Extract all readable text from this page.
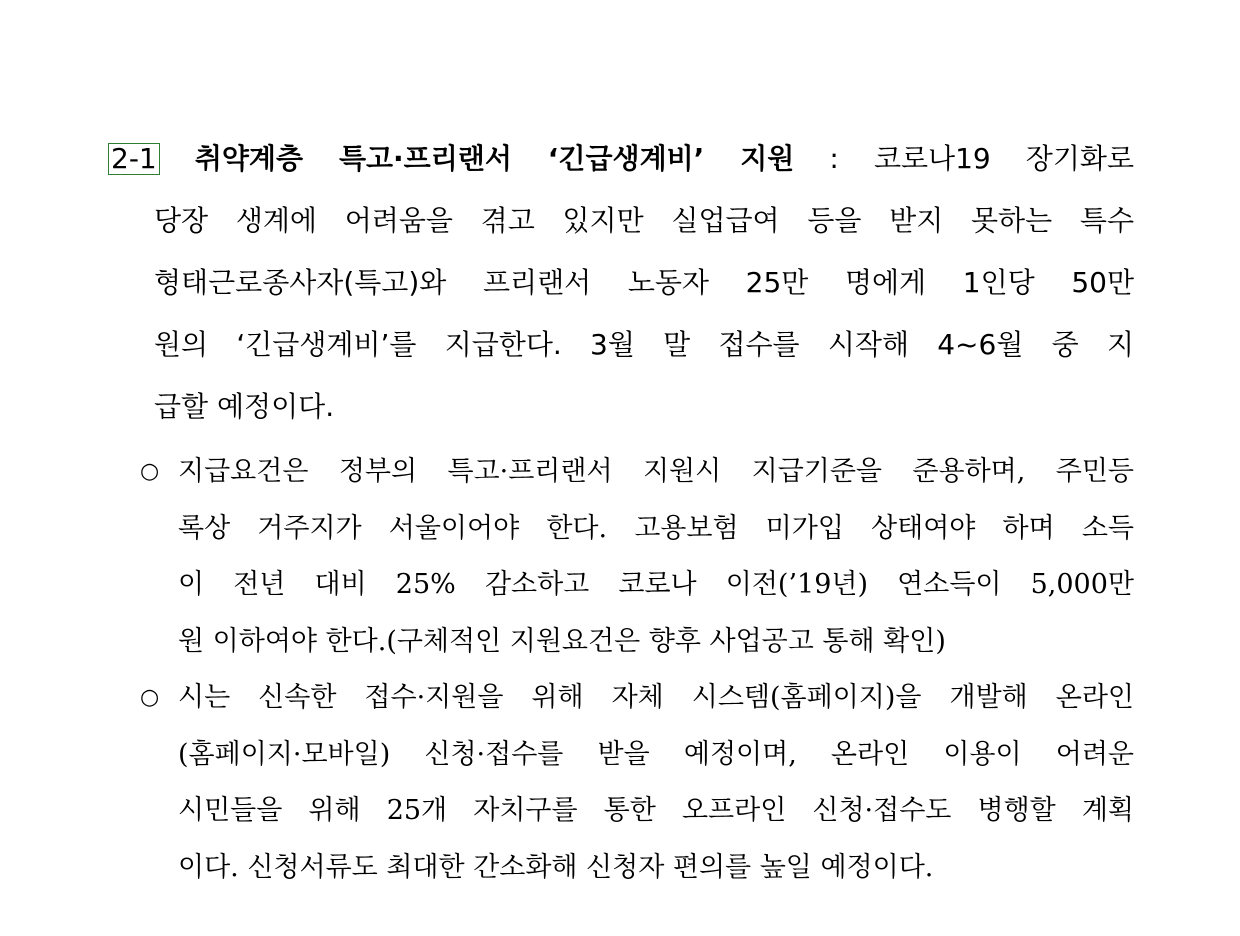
2-1 취약계층 특고·프리랜서 ‘긴급생계비’ 지원 : 코로나19 장기화로
당장 생계에 어려움을 겪고 있지만 실업급여 등을 받지 못하는 특수
형태근로종사자(특고)와 프리랜서 노동자 25만 명에게 1인당 50만
원의 ‘긴급생계비’를 지급한다. 3월 말 접수를 시작해 4~6월 중 지
급할 예정이다.
○ 지급요건은 정부의 특고·프리랜서 지원시 지급기준을 준용하며, 주민등
록상 거주지가 서울이어야 한다. 고용보험 미가입 상태여야 하며 소득
이 전년 대비 25% 감소하고 코로나 이전(’19년) 연소득이 5,000만
원 이하여야 한다.(구체적인 지원요건은 향후 사업공고 통해 확인)
○ 시는 신속한 접수·지원을 위해 자체 시스템(홈페이지)을 개발해 온라인
(홈페이지·모바일) 신청·접수를 받을 예정이며, 온라인 이용이 어려운
시민들을 위해 25개 자치구를 통한 오프라인 신청·접수도 병행할 계획
이다. 신청서류도 최대한 간소화해 신청자 편의를 높일 예정이다.
